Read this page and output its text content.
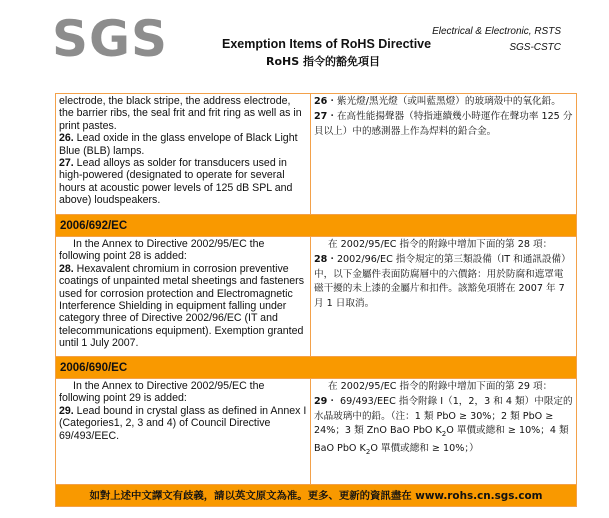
SGS	Exemption Items of RoHS Directive
RoHS 指令的豁免項目
Electrical & Electronic, RSTS
SGS-CSTC

electrode, the black stripe, the address electrode, the barrier ribs, the seal frit and frit ring as well as in print pastes.

26. Lead oxide in the glass envelope of Black Light Blue (BLB) lamps.

27. Lead alloys as solder for transducers used in high-powered (designated to operate for several hours at acoustic power levels of 125 dB SPL and above) loudspeakers.

26・紫光燈/黑光燈（或叫藍黑燈）的玻璃殼中的氧化鉛。

27・在高性能揚聲器（特指連續幾小時運作在聲功率 125 分貝以上）中的感測器上作為焊料的鉛合金。

2006/692/EC

In the Annex to Directive 2002/95/EC the following point 28 is added:

28. Hexavalent chromium in corrosion preventive coatings of unpainted metal sheetings and fasteners used for corrosion protection and Electromagnetic Interference Shielding in equipment falling under category three of Directive 2002/96/EC (IT and telecommunications equipment). Exemption granted until 1 July 2007.

在 2002/95/EC 指令的附錄中增加下面的第 28 項：

28・2002/96/EC 指令規定的第三類設備（IT 和通訊設備）中，以下金屬件表面防腐層中的六價鉻：用於防腐和遮罩電磁干擾的未上漆的金屬片和扣件。該豁免項將在 2007 年 7 月 1 日取消。

2006/690/EC

In the Annex to Directive 2002/95/EC the following point 29 is added:

29. Lead bound in crystal glass as defined in Annex I (Categories1, 2, 3 and 4) of Council Directive 69/493/EEC.

在 2002/95/EC 指令的附錄中增加下面的第 29 項：

29・ 69/493/EEC 指令附錄 I（1，2，3 和 4 類）中限定的水晶玻璃中的鉛。（注：1 類 PbO ≥ 30%；2 類 PbO ≥ 24%；3 類 ZnO BaO PbO $K_2O$ 單價或總和 ≥ 10%；4 類 BaO PbO $K_2O$ 單價或總和 ≥ 10%；）

如對上述中文譯文有歧義，請以英文原文為准。更多、更新的資訊盡在 www.rohs.cn.sgs.com
